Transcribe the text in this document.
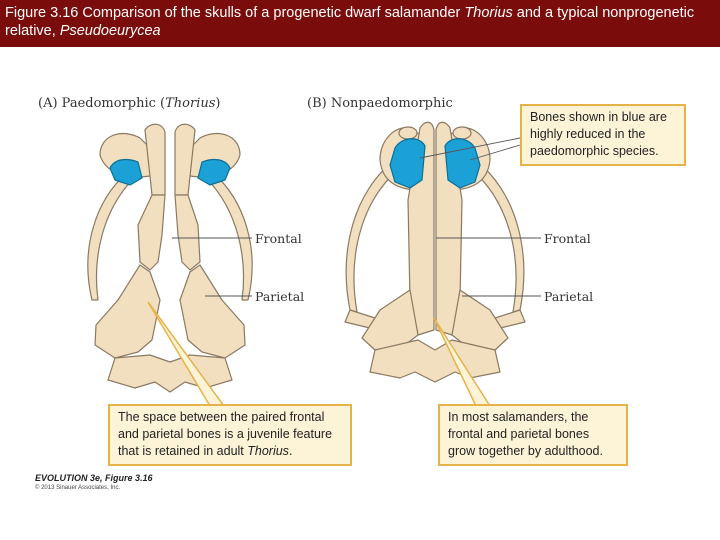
Figure 3.16 Comparison of the skulls of a progenetic dwarf salamander Thorius and a typical nonprogenetic relative, Pseudoeurycea
(A) Paedomorphic (Thorius)	(B) Nonpaedomorphic
Frontal
Parietal
Frontal
Parietal
Bones shown in blue are highly reduced in the paedomorphic species.
The space between the paired frontal and parietal bones is a juvenile feature that is retained in adult Thorius.
In most salamanders, the frontal and parietal bones grow together by adulthood.
EVOLUTION 3e, Figure 3.16
© 2013 Sinauer Associates, Inc.
